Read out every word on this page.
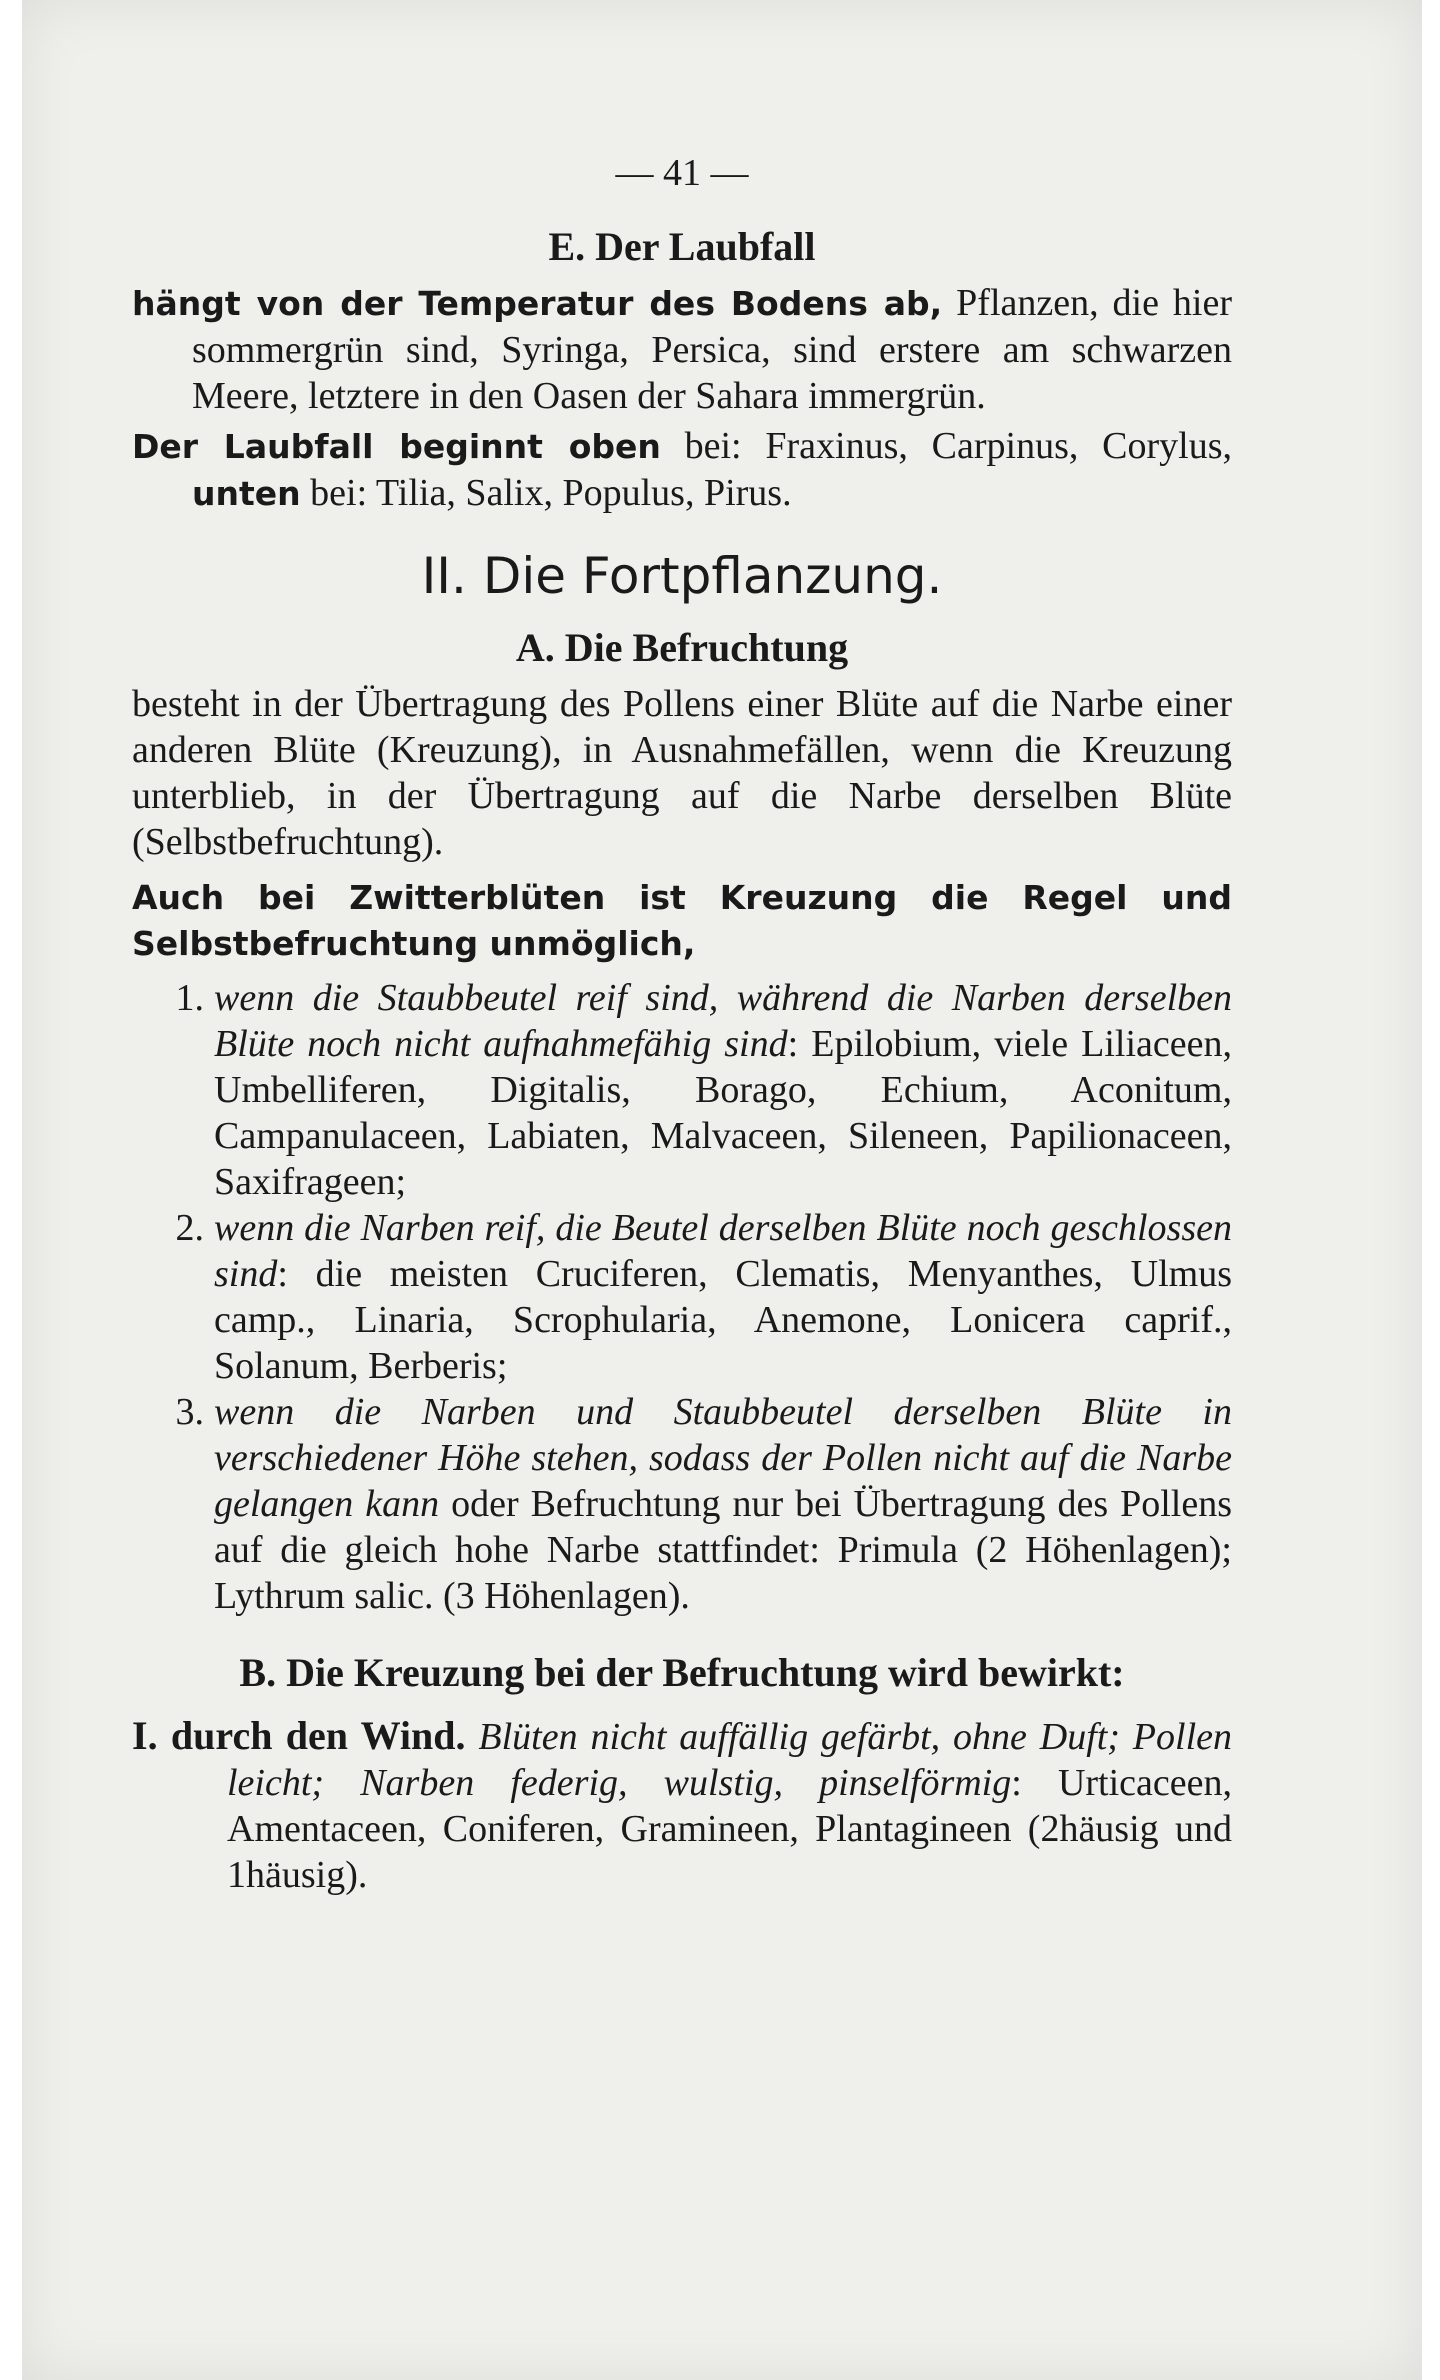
— 41 —
E. Der Laubfall

hängt von der Temperatur des Bodens ab, Pflanzen, die hier sommergrün sind, Syringa, Persica, sind erstere am schwarzen Meere, letztere in den Oasen der Sahara immergrün.

Der Laubfall beginnt oben bei: Fraxinus, Carpinus, Corylus, unten bei: Tilia, Salix, Populus, Pirus.

II. Die Fortpflanzung.
A. Die Befruchtung

besteht in der Übertragung des Pollens einer Blüte auf die Narbe einer anderen Blüte (Kreuzung), in Ausnahmefällen, wenn die Kreuzung unterblieb, in der Übertragung auf die Narbe derselben Blüte (Selbstbefruchtung).

Auch bei Zwitterblüten ist Kreuzung die Regel und Selbstbefruchtung unmöglich,

1. wenn die Staubbeutel reif sind, während die Narben derselben Blüte noch nicht aufnahmefähig sind: Epilobium, viele Liliaceen, Umbelliferen, Digitalis, Borago, Echium, Aconitum, Campanulaceen, Labiaten, Malvaceen, Sileneen, Papilionaceen, Saxifrageen;
2. wenn die Narben reif, die Beutel derselben Blüte noch geschlossen sind: die meisten Cruciferen, Clematis, Menyanthes, Ulmus camp., Linaria, Scrophularia, Anemone, Lonicera caprif., Solanum, Berberis;
3. wenn die Narben und Staubbeutel derselben Blüte in verschiedener Höhe stehen, sodass der Pollen nicht auf die Narbe gelangen kann oder Befruchtung nur bei Übertragung des Pollens auf die gleich hohe Narbe stattfindet: Primula (2 Höhenlagen); Lythrum salic. (3 Höhenlagen).
B. Die Kreuzung bei der Befruchtung wird bewirkt:

I. durch den Wind. Blüten nicht auffällig gefärbt, ohne Duft; Pollen leicht; Narben federig, wulstig, pinselförmig: Urticaceen, Amentaceen, Coniferen, Gramineen, Plantagineen (2häusig und 1häusig).
